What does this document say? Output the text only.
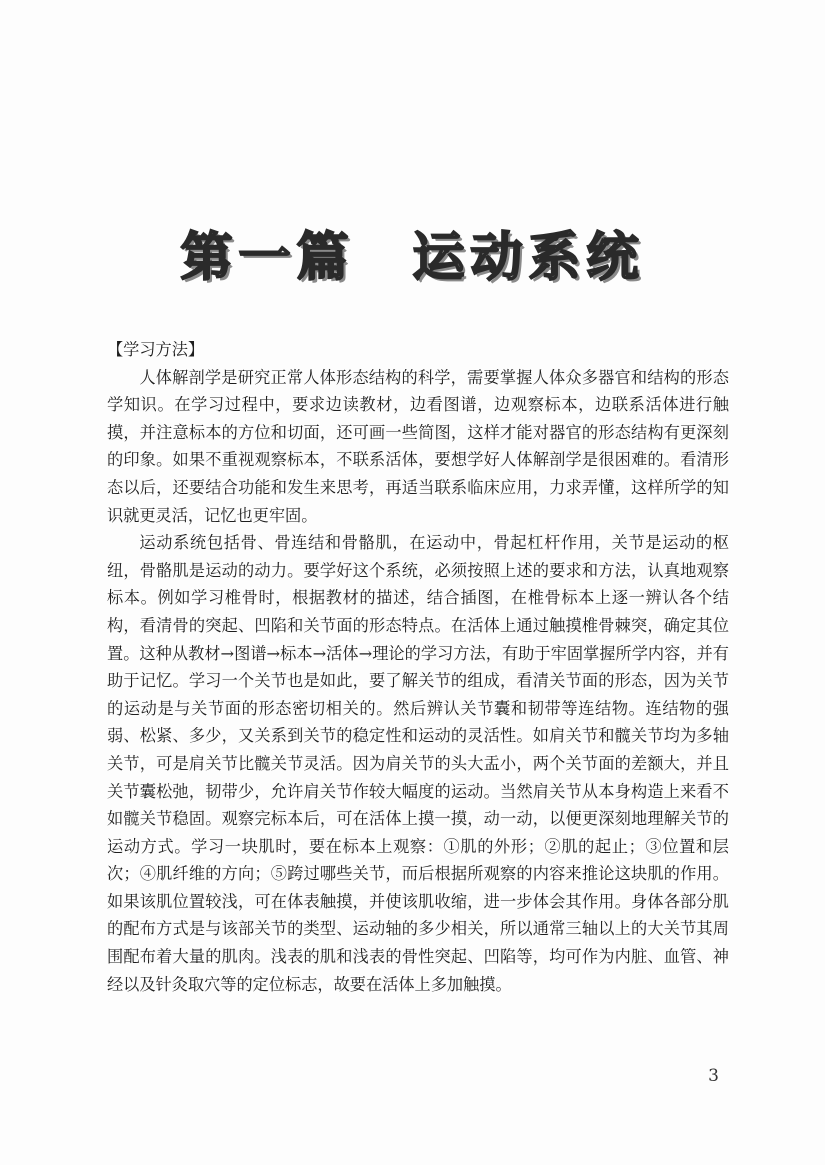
第一篇　运动系统

【学习方法】

人体解剖学是研究正常人体形态结构的科学，需要掌握人体众多器官和结构的形态学知识。在学习过程中，要求边读教材，边看图谱，边观察标本，边联系活体进行触摸，并注意标本的方位和切面，还可画一些简图，这样才能对器官的形态结构有更深刻的印象。如果不重视观察标本，不联系活体，要想学好人体解剖学是很困难的。看清形态以后，还要结合功能和发生来思考，再适当联系临床应用，力求弄懂，这样所学的知识就更灵活，记忆也更牢固。

运动系统包括骨、骨连结和骨骼肌，在运动中，骨起杠杆作用，关节是运动的枢纽，骨骼肌是运动的动力。要学好这个系统，必须按照上述的要求和方法，认真地观察标本。例如学习椎骨时，根据教材的描述，结合插图，在椎骨标本上逐一辨认各个结构，看清骨的突起、凹陷和关节面的形态特点。在活体上通过触摸椎骨棘突，确定其位置。这种从教材→图谱→标本→活体→理论的学习方法，有助于牢固掌握所学内容，并有助于记忆。学习一个关节也是如此，要了解关节的组成，看清关节面的形态，因为关节的运动是与关节面的形态密切相关的。然后辨认关节囊和韧带等连结物。连结物的强弱、松紧、多少，又关系到关节的稳定性和运动的灵活性。如肩关节和髋关节均为多轴关节，可是肩关节比髋关节灵活。因为肩关节的头大盂小，两个关节面的差额大，并且关节囊松弛，韧带少，允许肩关节作较大幅度的运动。当然肩关节从本身构造上来看不如髋关节稳固。观察完标本后，可在活体上摸一摸，动一动，以便更深刻地理解关节的运动方式。学习一块肌时，要在标本上观察：①肌的外形；②肌的起止；③位置和层次；④肌纤维的方向；⑤跨过哪些关节，而后根据所观察的内容来推论这块肌的作用。如果该肌位置较浅，可在体表触摸，并使该肌收缩，进一步体会其作用。身体各部分肌的配布方式是与该部关节的类型、运动轴的多少相关，所以通常三轴以上的大关节其周围配布着大量的肌肉。浅表的肌和浅表的骨性突起、凹陷等，均可作为内脏、血管、神经以及针灸取穴等的定位标志，故要在活体上多加触摸。

3
